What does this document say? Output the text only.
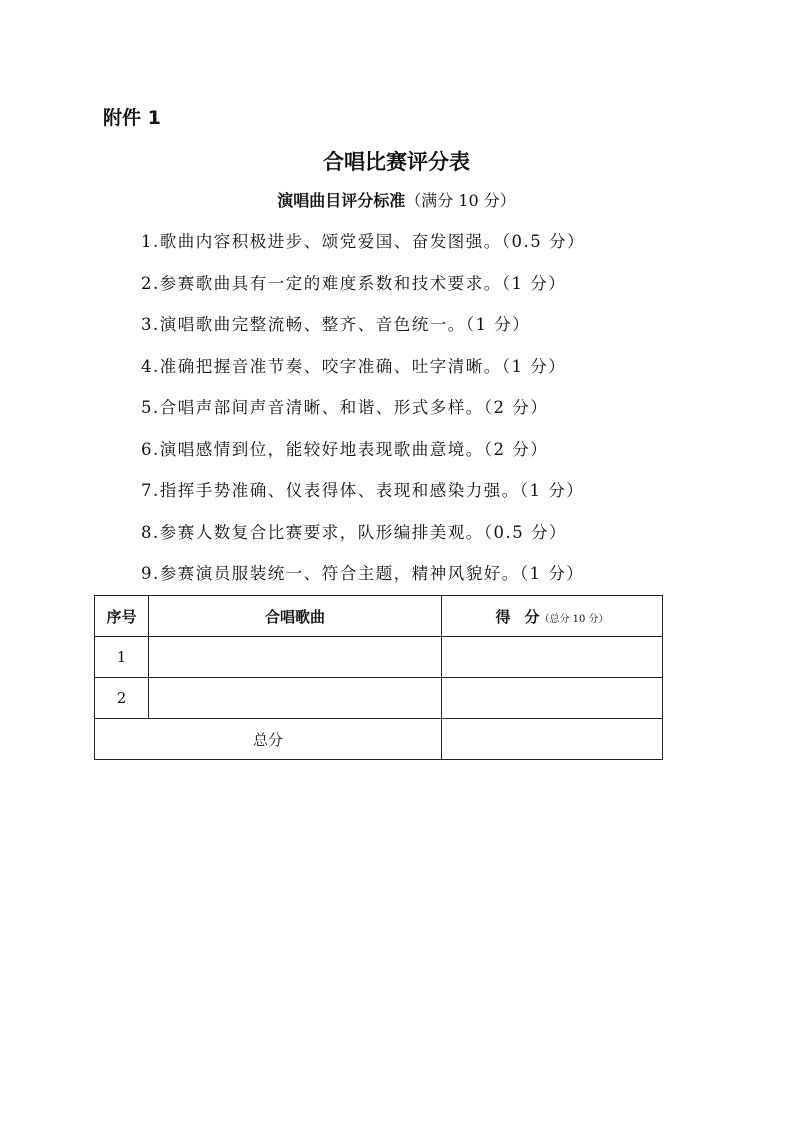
附件 1
合唱比赛评分表
演唱曲目评分标准（满分 10 分）
1.歌曲内容积极进步、颂党爱国、奋发图强。（0.5 分）
2.参赛歌曲具有一定的难度系数和技术要求。（1 分）
3.演唱歌曲完整流畅、整齐、音色统一。（1 分）
4.准确把握音准节奏、咬字准确、吐字清晰。（1 分）
5.合唱声部间声音清晰、和谐、形式多样。（2 分）
6.演唱感情到位，能较好地表现歌曲意境。（2 分）
7.指挥手势准确、仪表得体、表现和感染力强。（1 分）
8.参赛人数复合比赛要求，队形编排美观。（0.5 分）
9.参赛演员服装统一、符合主题，精神风貌好。（1 分）
序号	合唱歌曲	得 分（总分 10 分）
1		
2		
总分		
